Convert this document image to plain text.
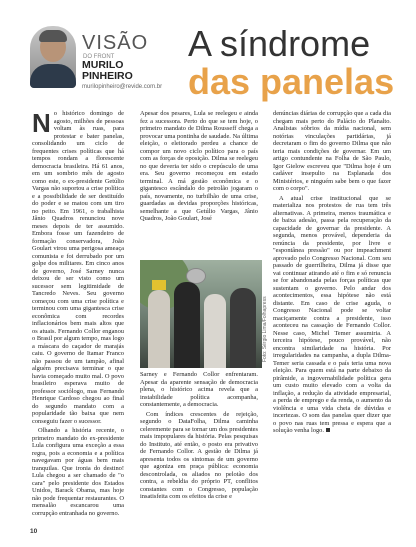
VISÃO
DO FRONT
MURILO
PINHEIRO
murilopinheiro@revide.com.br
A síndrome
das panelas
N o histórico domingo de agosto, milhões de pessoas voltam às ruas, para protestar e bater panelas, consolidando um ciclo de frequentes crises políticas que há tempos rondam a florescente democracia brasileira. Há 61 anos, em um sombrio mês de agosto como este, o ex-presidente Getúlio Vargas não suportou a crise política e a possibilidade de ser destituído do poder e se matou com um tiro no peito. Em 1961, o trabalhista Jânio Quadros renunciou nove meses depois de ter assumido. Embora fosse um fazendeiro de formação conservadora, João Goulart virou uma perigosa ameaça comunista e foi derrubado por um golpe dos militares. Em cinco anos de governo, José Sarney nunca deixou de ser visto como um sucessor sem legitimidade de Tancredo Neves. Seu governo começou com uma crise política e terminou com uma gigantesca crise econômica com recordes inflacionários bem mais altos que os atuais. Fernando Collor enganou o Brasil por algum tempo, mas logo a máscara do caçador de marajás caiu. O governo de Itamar Franco não passou de um tampão, afinal alguém precisava terminar o que havia começado muito mal. O povo brasileiro esperava muito de professor sociólogo, mas Fernando Henrique Cardoso chegou ao final do segundo mandato com a popularidade tão baixa que nem conseguiu fazer o sucessor.

Olhando a história recente, o primeiro mandato do ex-presidente Lula configura uma exceção a essa regra, pois a economia e a política navegavam por águas bem mais tranquilas. Que ironia do destino! Lula chegou a ser chamado de "o cara" pelo presidente dos Estados Unidos, Barack Obama, mas hoje não pode frequentar restaurantes. O mensalão escancarou uma corrupção entranhada no governo.

Apesar dos pesares, Lula se reelegeu e ainda fez a sucessora. Perto do que se tem hoje, o primeiro mandato de Dilma Rousseff chega a provocar uma pontinha de saudade. Na última eleição, o eleitorado perdeu a chance de compor um novo ciclo político para o país com as forças de oposição. Dilma se reelegeu no que deveria ter sido o crepúsculo de uma era. Seu governo recomeçou em estado terminal. A má gestão econômica e o gigantesco escândalo do petrolão jogaram o país, novamente, no turbilhão de uma crise, guardadas as devidas proporções históricas, semelhante a que Getúlio Vargas, Jânio Quadros, João Goulart, José

Foto: Sérgio Lima/Folhapress

Sarney e Fernando Collor enfrentaram. Apesar da aparente sensação de democracia plena, o histórico acima revela que a instabilidade política acompanha, constantemente, a democracia.

Com índices crescentes de rejeição, segundo o DataFolha, Dilma caminha celeremente para se tornar um dos presidentes mais impopulares da história. Pelas pesquisas do Instituto, até então, o posto era privativo de Fernando Collor. A gestão de Dilma já apresenta todos os sintomas de um governo que agoniza em praça pública: economia descontrolada, os aliados no pelotão dos contra, a rebeldia do próprio PT, conflitos constantes com o Congresso, população insatisfeita com os efeitos da crise e

denúncias diárias de corrupção que a cada dia chegam mais perto do Palácio do Planalto. Analistas sóbrios da mídia nacional, sem notórias vinculações partidárias, já decretaram o fim do governo Dilma que não teria mais condições de governar. Em um artigo contundente na Folha de São Paulo, Igor Gielow escreveu que "Dilma hoje é um cadáver insepulto na Esplanada dos Ministérios, e ninguém sabe bem o que fazer com o corpo".

A atual crise institucional que se materializa nos protestos de rua tem três alternativas. A primeira, menos traumática e de baixa adesão, passa pela recuperação da capacidade de governar da presidente. A segunda, menos provável, dependeria da renúncia da presidente, por livre e "espontânea pressão" ou por impeachment aprovado pelo Congresso Nacional. Com seu passado de guerrilheira, Dilma já disse que vai continuar atirando até o fim e só renuncia se for abandonada pelas forças políticas que sustentam o governo. Pelo andar dos acontecimentos, essa hipótese não está distante. Em caso de crise aguda, o Congresso Nacional pode se voltar maciçamente contra a presidente, isso aconteceu na cassação de Fernando Collor. Nesse caso, Michel Temer assumiria. A terceira hipótese, pouco provável, não encontra similaridade na história. Por irregularidades na campanha, a dupla Dilma-Temer seria cassada e o país teria uma nova eleição. Para quem está na parte debaixo da pirâmide, a ingovernabilidade política gera um custo muito elevado com a volta da inflação, a redução da atividade empresarial, a perda de emprego e da renda, o aumento da violência e uma vida cheia de dúvidas e incertezas. O som das panelas quer dizer que o povo nas ruas tem pressa e espera que a solução venha logo.

10
